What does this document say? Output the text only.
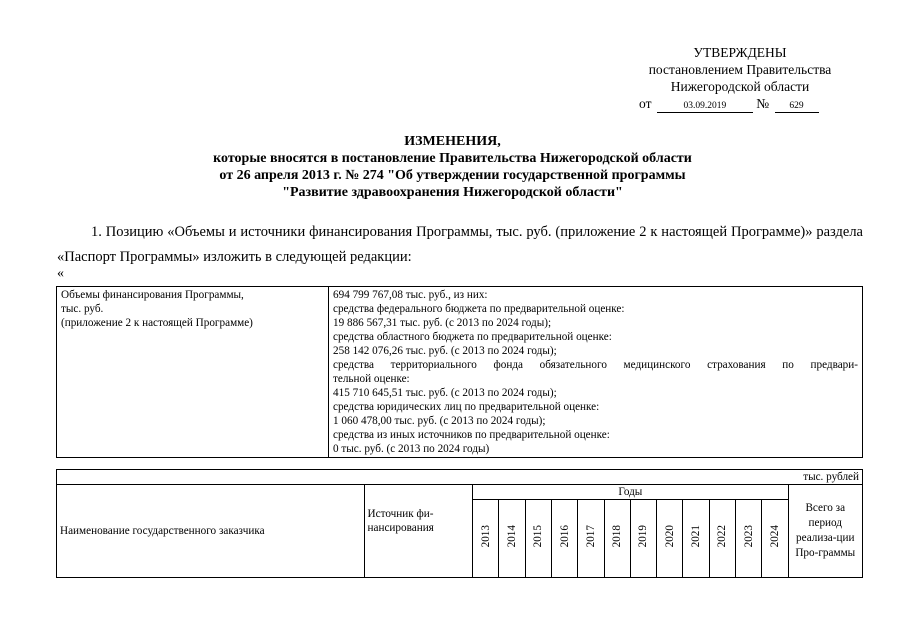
УТВЕРЖДЕНЫ
постановлением Правительства
Нижегородской области
от	03.09.2019 № 629
ИЗМЕНЕНИЯ,
которые вносятся в постановление Правительства Нижегородской области
от 26 апреля 2013 г. № 274 "Об утверждении государственной программы
"Развитие здравоохранения Нижегородской области"
1. Позицию «Объемы и источники финансирования Программы, тыс. руб. (приложение 2 к настоящей Программе)» раздела «Паспорт Программы» изложить в следующей редакции:
«
Объемы финансирования Программы,
тыс. руб.
(приложение 2 к настоящей Программе)

694 799 767,08 тыс. руб., из них:
средства федерального бюджета по предварительной оценке:
19 886 567,31 тыс. руб. (с 2013 по 2024 годы);
средства областного бюджета по предварительной оценке:
258 142 076,26 тыс. руб. (с 2013 по 2024 годы);
средства территориального фонда обязательного медицинского страхования по предвари-
тельной оценке:
415 710 645,51 тыс. руб. (с 2013 по 2024 годы);
средства юридических лиц по предварительной оценке:
1 060 478,00 тыс. руб. (с 2013 по 2024 годы);
средства из иных источников по предварительной оценке:
0 тыс. руб. (с 2013 по 2024 годы)
тыс. рублей														
Наименование государственного заказчика	Источник фи-нансирования	Годы												Всего за период реализа-ции Про-граммы
		2013	2014	2015	2016	2017	2018	2019	2020	2021	2022	2023	2024	
